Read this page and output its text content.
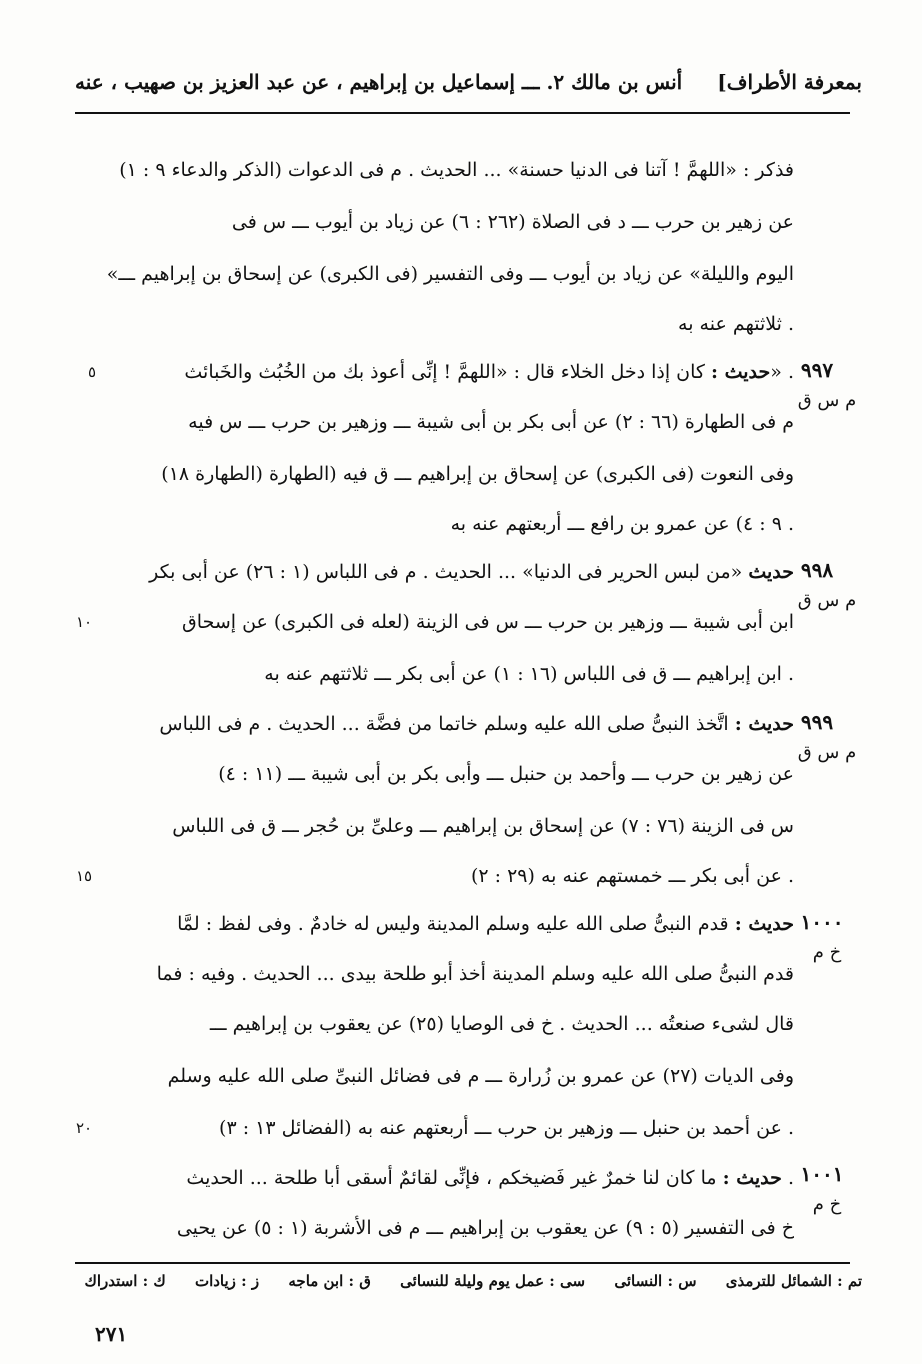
بمعرفة الأطراف]
أنس بن مالك ٢. ـــ إسماعيل بن إبراهيم ، عن عبد العزيز بن صهيب ، عنه
فذكر : «اللهمَّ ! آتنا فى الدنيا حسنة» ... الحديث . م فى الدعوات (الذكر والدعاء ٩ : ١)
عن زهير بن حرب ـــ د فى الصلاة (٢٦٢ : ٦) عن زياد بن أيوب ـــ س فى
«اليوم والليلة» عن زياد بن أيوب ـــ وفى التفسير (فى الكبرى) عن إسحاق بن إبراهيم ـــ
ثلاثتهم عنه به .
حديث : كان إذا دخل الخلاء قال : «اللهمَّ ! إنِّى أعوذ بك من الخُبُث والخَبائث» .
م فى الطهارة (٦٦ : ٢) عن أبى بكر بن أبى شيبة ـــ وزهير بن حرب ـــ س فيه
(الطهارة ١٨) وفى النعوت (فى الكبرى) عن إسحاق بن إبراهيم ـــ ق فيه (الطهارة
٩ : ٤) عن عمرو بن رافع ـــ أربعتهم عنه به .
حديث «من لبس الحرير فى الدنيا» ... الحديث . م فى اللباس (١ : ٢٦) عن أبى بكر
ابن أبى شيبة ـــ وزهير بن حرب ـــ س فى الزينة (لعله فى الكبرى) عن إسحاق
ابن إبراهيم ـــ ق فى اللباس (١٦ : ١) عن أبى بكر ـــ ثلاثتهم عنه به .
حديث : اتَّخذ النبىُّ صلى الله عليه وسلم خاتما من فضَّة ... الحديث . م فى اللباس
(١١ : ٤) عن زهير بن حرب ـــ وأحمد بن حنبل ـــ وأبى بكر بن أبى شيبة ـــ
س فى الزينة (٧٦ : ٧) عن إسحاق بن إبراهيم ـــ وعلىِّ بن حُجر ـــ ق فى اللباس
(٢٩ : ٢) عن أبى بكر ـــ خمستهم عنه به .
حديث : قدم النبىُّ صلى الله عليه وسلم المدينة وليس له خادمٌ . وفى لفظ : لمَّا
قدم النبىُّ صلى الله عليه وسلم المدينة أخذ أبو طلحة بيدى ... الحديث . وفيه : فما
قال لشىء صنعتُه ... الحديث . خ فى الوصايا (٢٥) عن يعقوب بن إبراهيم ـــ
وفى الديات (٢٧) عن عمرو بن زُرارة ـــ م فى فضائل النبىِّ صلى الله عليه وسلم
(الفضائل ١٣ : ٣) عن أحمد بن حنبل ـــ وزهير بن حرب ـــ أربعتهم عنه به .
حديث : ما كان لنا خمرٌ غير فَضيخكم ، فإنِّى لقائمٌ أسقى أبا طلحة ... الحديث .
خ فى التفسير (٥ : ٩) عن يعقوب بن إبراهيم ـــ م فى الأشربة (١ : ٥) عن يحيى
٩٩٧
م س ق
٩٩٨
م س ق
٩٩٩
م س ق
١٠٠٠
خ م
١٠٠١
خ م
٥
١٠
١٥
٢٠
تم : الشمائل للترمذى س : النسائى سى : عمل يوم وليلة للنسائى ق : ابن ماجه ز : زيادات ك : استدراك
٢٧١
